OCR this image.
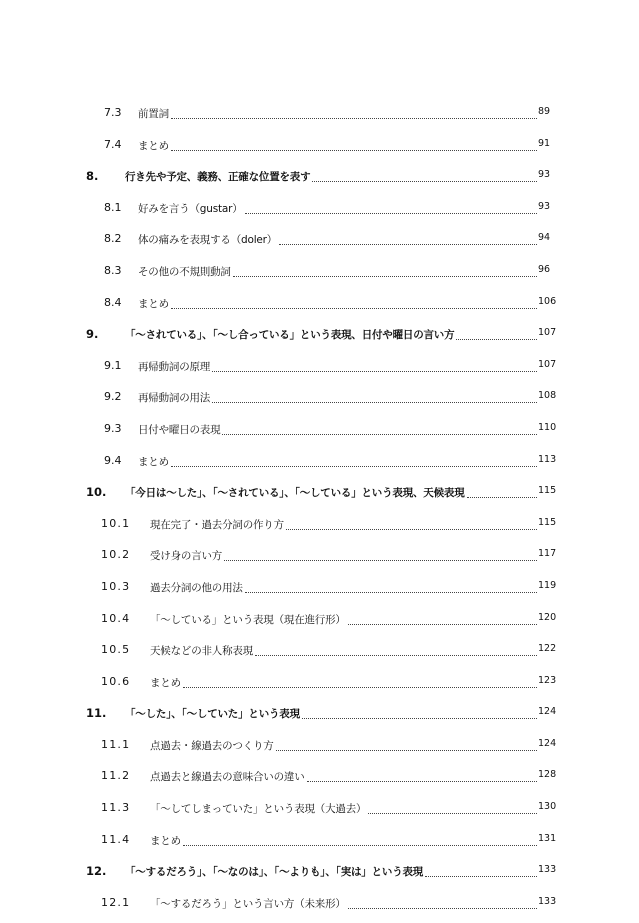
7.3 前置詞	89
7.4 まとめ	91
8.	行き先や予定、義務、正確な位置を表す	93
8.1 好みを言う（gustar）	93
8.2 体の痛みを表現する（doler）	94
8.3 その他の不規則動詞	96
8.4 まとめ	106
9.	「〜されている」、「〜し合っている」という表現、日付や曜日の言い方	107
9.1 再帰動詞の原理	107
9.2 再帰動詞の用法	108
9.3 日付や曜日の表現	110
9.4 まとめ	113
10. 「今日は〜した」、「〜されている」、「〜している」という表現、天候表現	115
10.1 現在完了・過去分詞の作り方	115
10.2 受け身の言い方	117
10.3 過去分詞の他の用法	119
10.4 「〜している」という表現（現在進行形）	120
10.5 天候などの非人称表現	122
10.6 まとめ	123
11. 「〜した」、「〜していた」という表現	124
11.1 点過去・線過去のつくり方	124
11.2 点過去と線過去の意味合いの違い	128
11.3 「〜してしまっていた」という表現（大過去）	130
11.4 まとめ	131
12. 「〜するだろう」、「〜なのは」、「〜よりも」、「実は」という表現	133
12.1 「〜するだろう」という言い方（未来形）	133
